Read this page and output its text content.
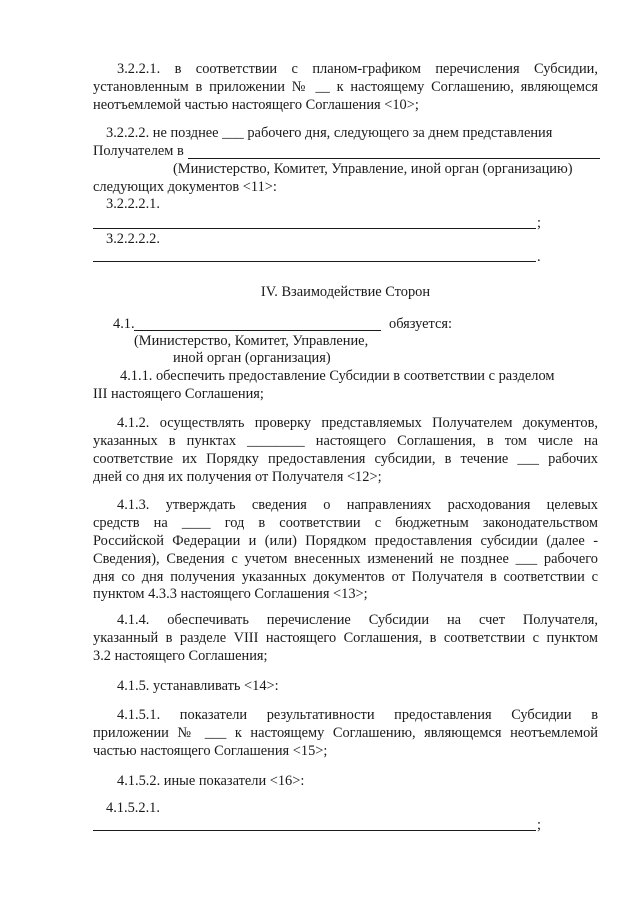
3.2.2.1. в соответствии с планом-графиком перечисления Субсидии,
установленным в приложении № __ к настоящему Соглашению, являющемся
неотъемлемой частью настоящего Соглашения <10>;
3.2.2.2. не позднее ___ рабочего дня, следующего за днем представления
Получателем в
(Министерство, Комитет, Управление, иной орган (организацию)
следующих документов <11>:
3.2.2.2.1.
;
3.2.2.2.2.
.
IV. Взаимодействие Сторон
4.1.	обязуется:
(Министерство, Комитет, Управление,
иной орган (организация)
4.1.1. обеспечить предоставление Субсидии в соответствии с разделом
III настоящего Соглашения;
4.1.2. осуществлять проверку представляемых Получателем документов,
указанных в пунктах ________ настоящего Соглашения, в том числе на
соответствие их Порядку предоставления субсидии, в течение ___ рабочих
дней со дня их получения от Получателя <12>;
4.1.3. утверждать сведения о направлениях расходования целевых
средств на ____ год в соответствии с бюджетным законодательством
Российской Федерации и (или) Порядком предоставления субсидии (далее -
Сведения), Сведения с учетом внесенных изменений не позднее ___ рабочего
дня со дня получения указанных документов от Получателя в соответствии с
пунктом 4.3.3 настоящего Соглашения <13>;
4.1.4. обеспечивать перечисление Субсидии на счет Получателя,
указанный в разделе VIII настоящего Соглашения, в соответствии с пунктом
3.2 настоящего Соглашения;
4.1.5. устанавливать <14>:
4.1.5.1. показатели результативности предоставления Субсидии в
приложении № ___ к настоящему Соглашению, являющемся неотъемлемой
частью настоящего Соглашения <15>;
4.1.5.2. иные показатели <16>:
4.1.5.2.1.
;
